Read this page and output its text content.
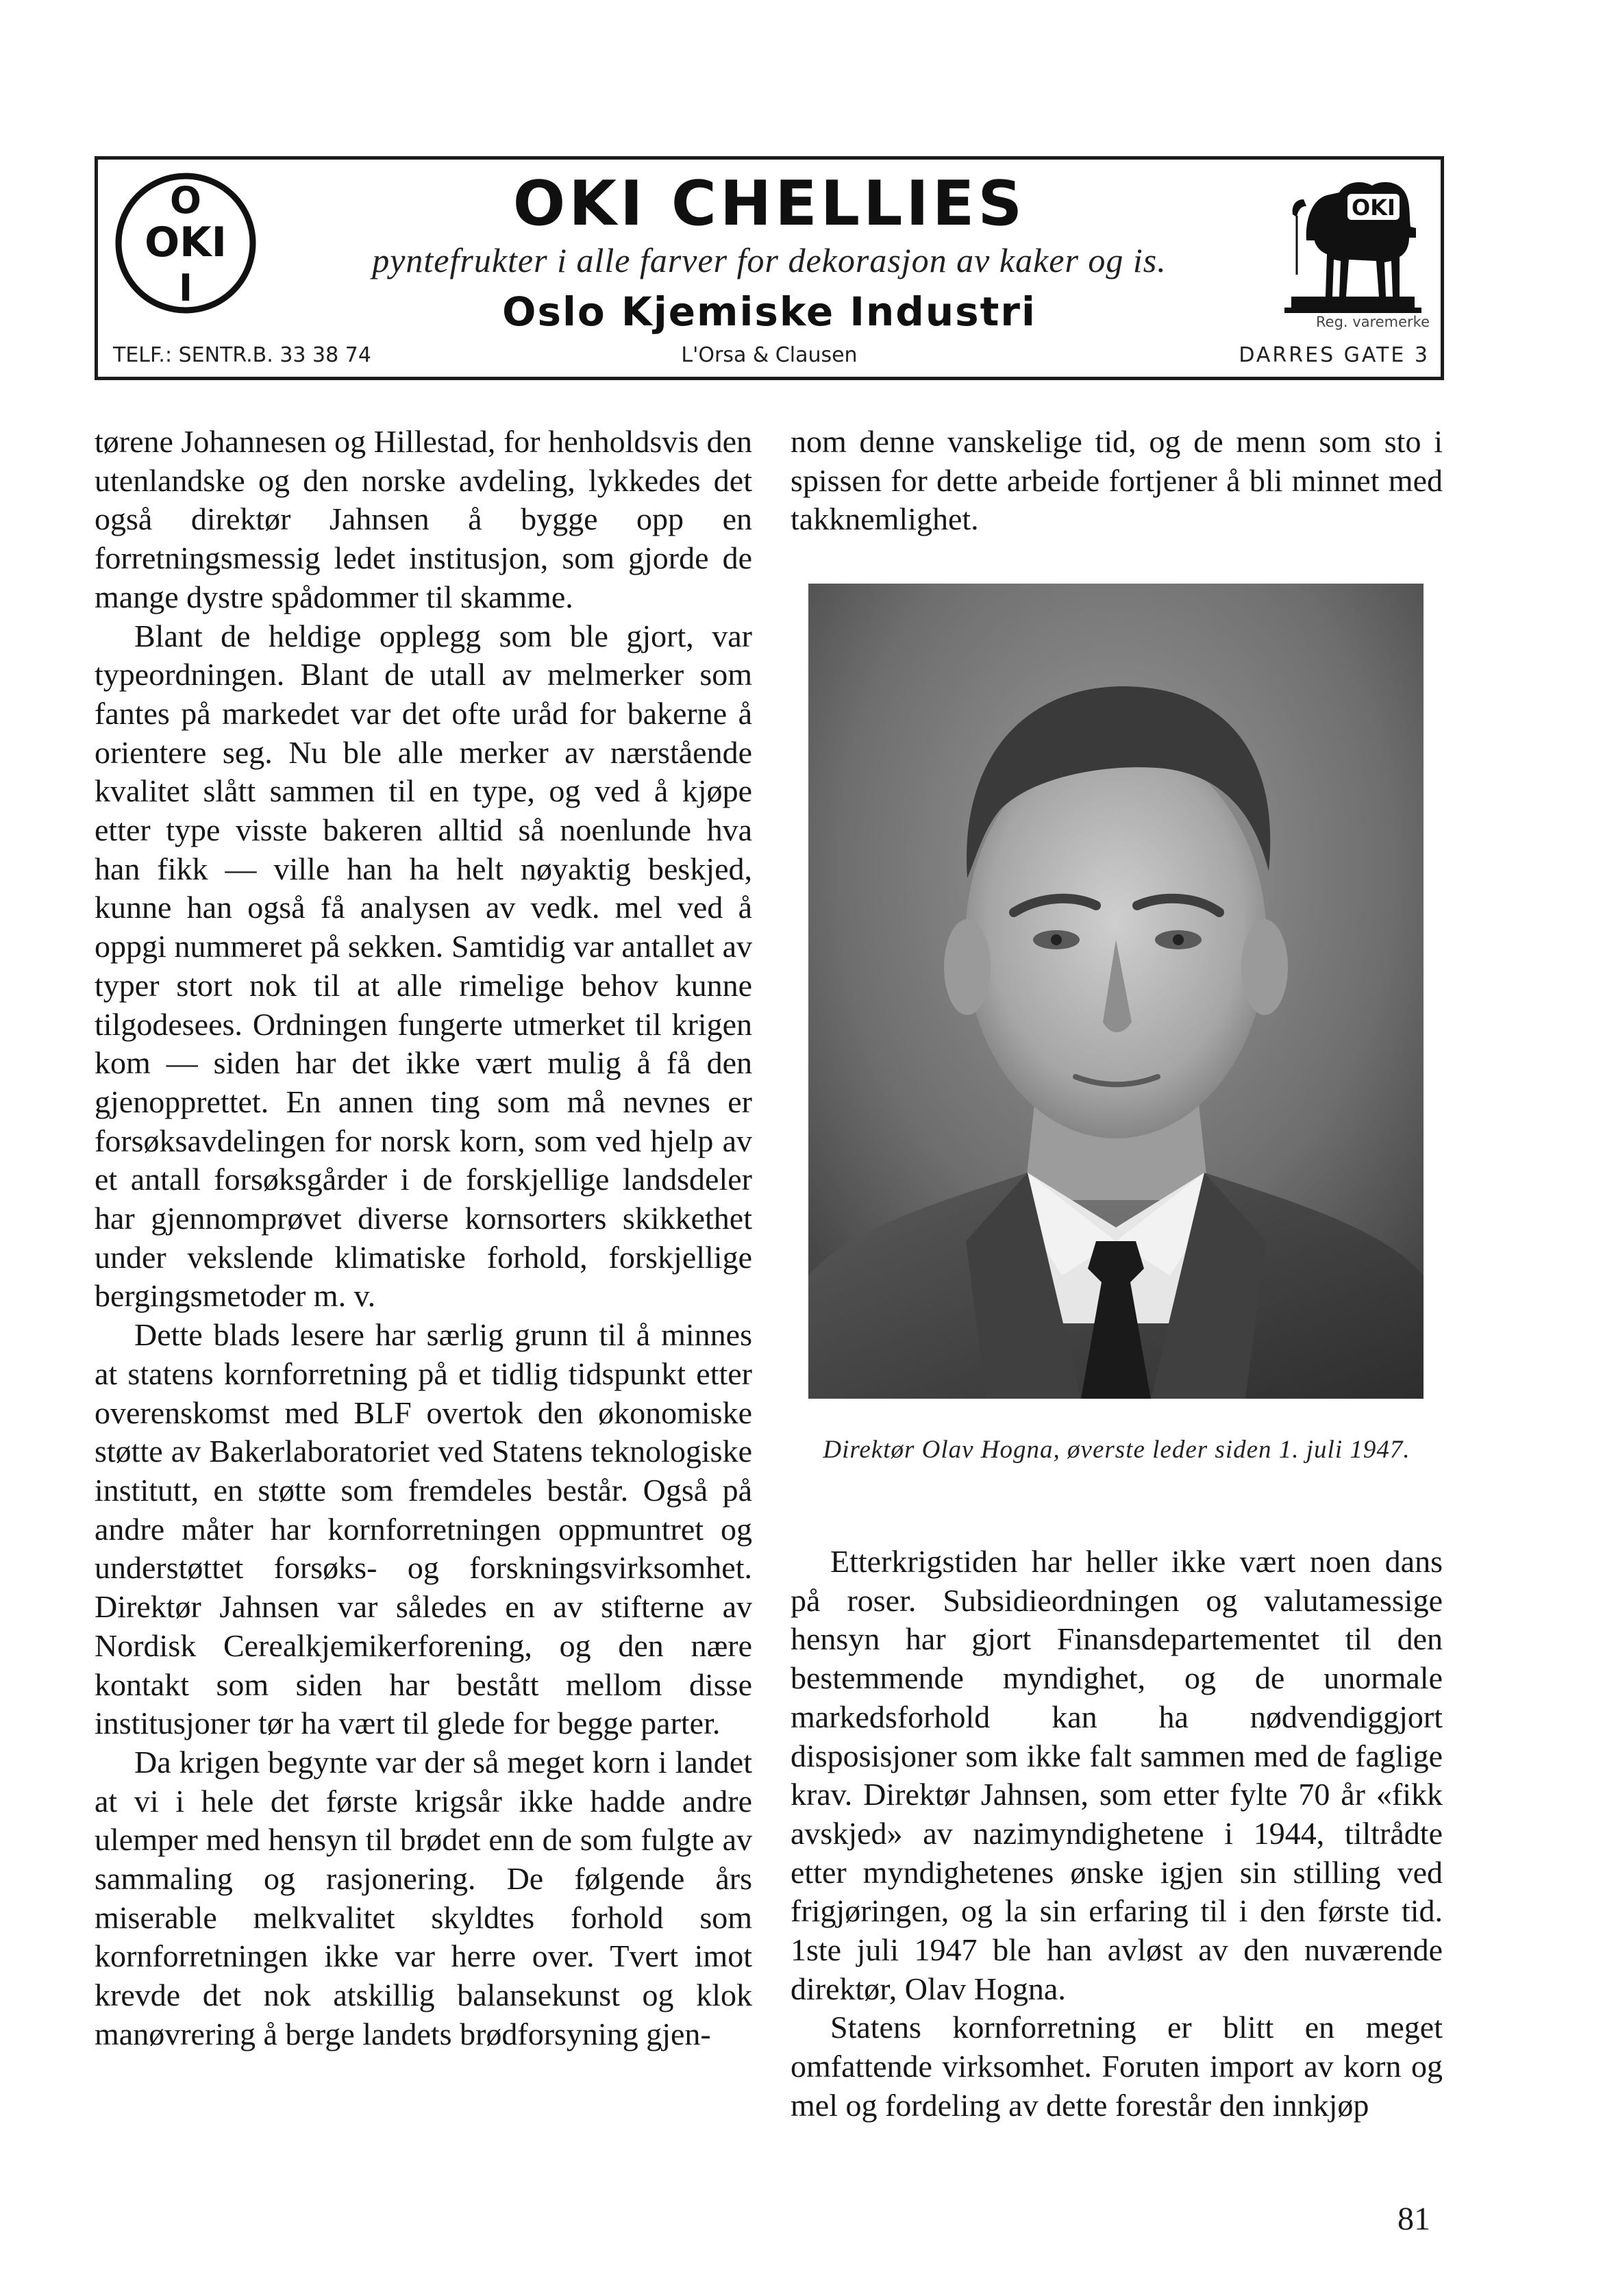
O
OKI
I
OKI CHELLIES
pyntefrukter i alle farver for dekorasjon av kaker og is.
Oslo Kjemiske Industri
L'Orsa & Clausen
TELF.: SENTR.B. 33 38 74	DARRES GATE 3
OKI
Reg. varemerke

tørene Johannesen og Hillestad, for henholdsvis den utenlandske og den norske avdeling, lykkedes det også direktør Jahnsen å bygge opp en forretningsmessig ledet institusjon, som gjorde de mange dystre spådommer til skamme.

Blant de heldige opplegg som ble gjort, var typeordningen. Blant de utall av melmerker som fantes på markedet var det ofte uråd for bakerne å orientere seg. Nu ble alle merker av nærstående kvalitet slått sammen til en type, og ved å kjøpe etter type visste bakeren alltid så noenlunde hva han fikk — ville han ha helt nøyaktig beskjed, kunne han også få analysen av vedk. mel ved å oppgi nummeret på sekken. Samtidig var antallet av typer stort nok til at alle rimelige behov kunne tilgodesees. Ordningen fungerte utmerket til krigen kom — siden har det ikke vært mulig å få den gjenopprettet. En annen ting som må nevnes er forsøksavdelingen for norsk korn, som ved hjelp av et antall forsøksgårder i de forskjellige landsdeler har gjennomprøvet diverse kornsorters skikkethet under vekslende klimatiske forhold, forskjellige bergingsmetoder m. v.

Dette blads lesere har særlig grunn til å minnes at statens kornforretning på et tidlig tidspunkt etter overenskomst med BLF overtok den økonomiske støtte av Bakerlaboratoriet ved Statens teknologiske institutt, en støtte som fremdeles består. Også på andre måter har kornforretningen oppmuntret og understøttet forsøks- og forskningsvirksomhet. Direktør Jahnsen var således en av stifterne av Nordisk Cerealkjemikerforening, og den nære kontakt som siden har bestått mellom disse institusjoner tør ha vært til glede for begge parter.

Da krigen begynte var der så meget korn i landet at vi i hele det første krigsår ikke hadde andre ulemper med hensyn til brødet enn de som fulgte av sammaling og rasjonering. De følgende års miserable melkvalitet skyldtes forhold som kornforretningen ikke var herre over. Tvert imot krevde det nok atskillig balansekunst og klok manøvrering å berge landets brødforsyning gjen-

nom denne vanskelige tid, og de menn som sto i spissen for dette arbeide fortjener å bli minnet med takknemlighet.

Direktør Olav Hogna, øverste leder siden 1. juli 1947.

Etterkrigstiden har heller ikke vært noen dans på roser. Subsidieordningen og valutamessige hensyn har gjort Finansdepartementet til den bestemmende myndighet, og de unormale markedsforhold kan ha nødvendiggjort disposisjoner som ikke falt sammen med de faglige krav. Direktør Jahnsen, som etter fylte 70 år «fikk avskjed» av nazimyndighetene i 1944, tiltrådte etter myndighetenes ønske igjen sin stilling ved frigjøringen, og la sin erfaring til i den første tid. 1ste juli 1947 ble han avløst av den nuværende direktør, Olav Hogna.

Statens kornforretning er blitt en meget omfattende virksomhet. Foruten import av korn og mel og fordeling av dette forestår den innkjøp

81
